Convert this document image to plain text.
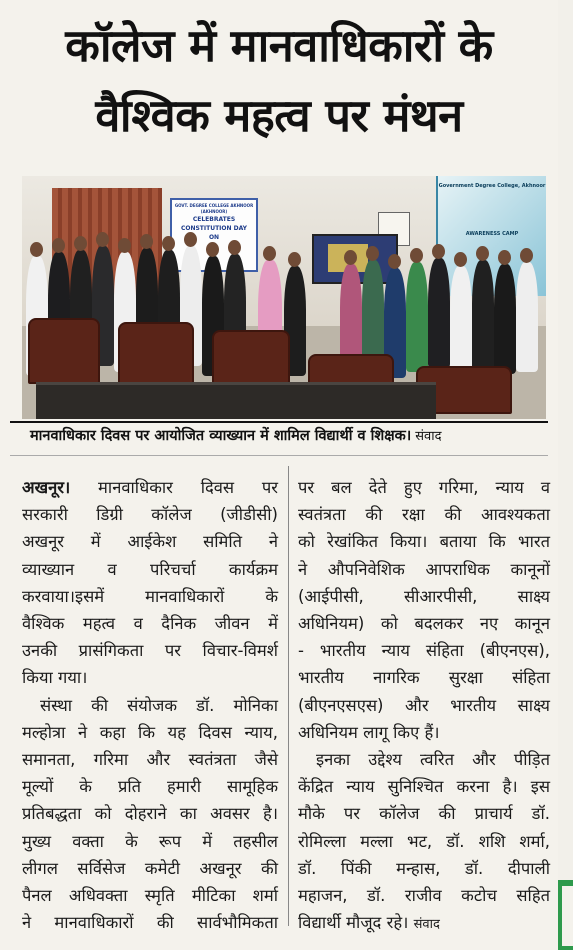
कॉलेज में मानवाधिकारों के
वैश्विक महत्व पर मंथन
GOVT. DEGREE COLLEGE AKHNOOR (AKHNOOR)
CELEBRATES
CONSTITUTION DAY
ON
Government Degree College, Akhnoor
AWARENESS CAMP
मानवाधिकार दिवस पर आयोजित व्याख्यान में शामिल विद्यार्थी व शिक्षक। संवाद
अखनूर। मानवाधिकार दिवस पर
सरकारी डिग्री कॉलेज (जीडीसी)
अखनूर में आईकेश समिति ने
व्याख्यान व परिचर्चा कार्यक्रम
करवाया।इसमें मानवाधिकारों के
वैश्विक महत्व व दैनिक जीवन में
उनकी प्रासंगिकता पर विचार-विमर्श
किया गया।
संस्था की संयोजक डॉ. मोनिका
मल्होत्रा ने कहा कि यह दिवस न्याय,
समानता, गरिमा और स्वतंत्रता जैसे
मूल्यों के प्रति हमारी सामूहिक
प्रतिबद्धता को दोहराने का अवसर है।
मुख्य वक्ता के रूप में तहसील
लीगल सर्विसेज कमेटी अखनूर की
पैनल अधिवक्ता स्मृति मीटिका शर्मा
ने मानवाधिकारों की सार्वभौमिकता
पर बल देते हुए गरिमा, न्याय व
स्वतंत्रता की रक्षा की आवश्यकता
को रेखांकित किया। बताया कि भारत
ने औपनिवेशिक आपराधिक कानूनों
(आईपीसी, सीआरपीसी, साक्ष्य
अधिनियम) को बदलकर नए कानून
- भारतीय न्याय संहिता (बीएनएस),
भारतीय नागरिक सुरक्षा संहिता
(बीएनएसएस) और भारतीय साक्ष्य
अधिनियम लागू किए हैं।
इनका उद्देश्य त्वरित और पीड़ित
केंद्रित न्याय सुनिश्चित करना है। इस
मौके पर कॉलेज की प्राचार्य डॉ.
रोमिल्ला मल्ला भट, डॉ. शशि शर्मा,
डॉ. पिंकी मन्हास, डॉ. दीपाली
महाजन, डॉ. राजीव कटोच सहित
विद्यार्थी मौजूद रहे। संवाद
